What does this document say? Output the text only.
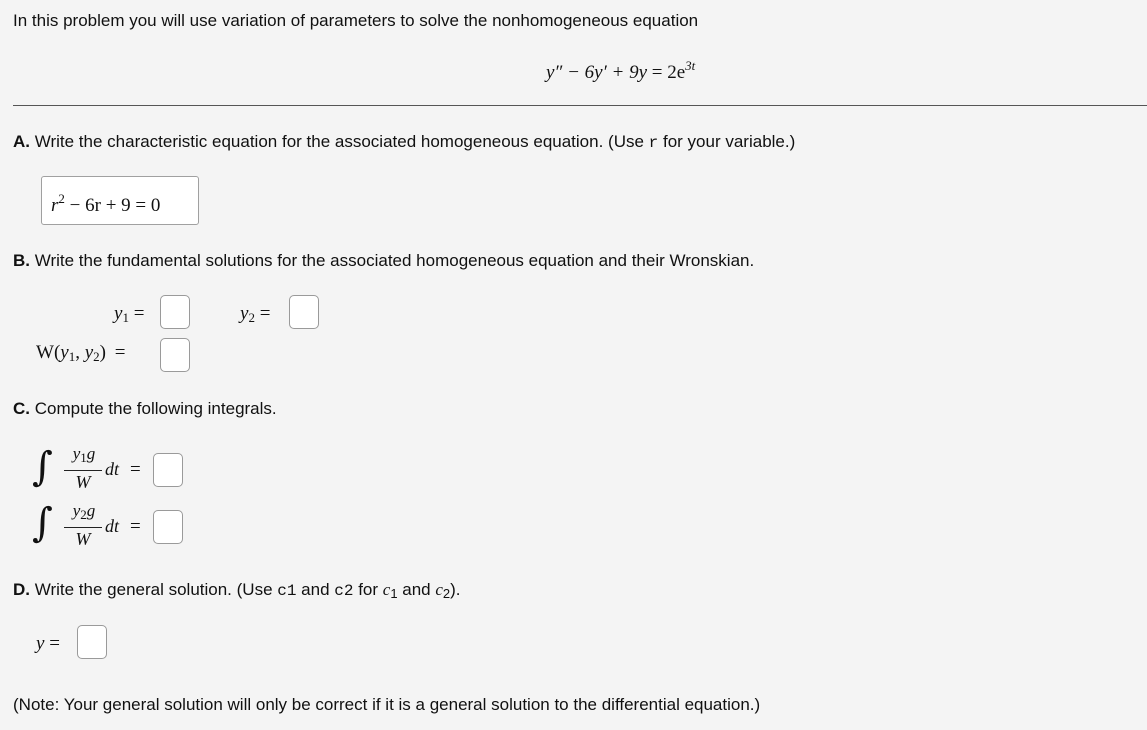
In this problem you will use variation of parameters to solve the nonhomogeneous equation
$y'' - 6y' + 9y = 2e^{3t}$
A. Write the characteristic equation for the associated homogeneous equation. (Use r for your variable.)
$r^2 - 6r + 9 = 0$
B. Write the fundamental solutions for the associated homogeneous equation and their Wronskian.
$y_1$ =	$y_2$ =
$W(y_1$, $y_2$) =
C. Compute the following integrals.
∫	$y_1g$
W
dt =
∫	$y_2g$
W
dt =
D. Write the general solution. (Use c1 and c2 for $c_1$ and $c_2$).
y =
(Note: Your general solution will only be correct if it is a general solution to the differential equation.)
